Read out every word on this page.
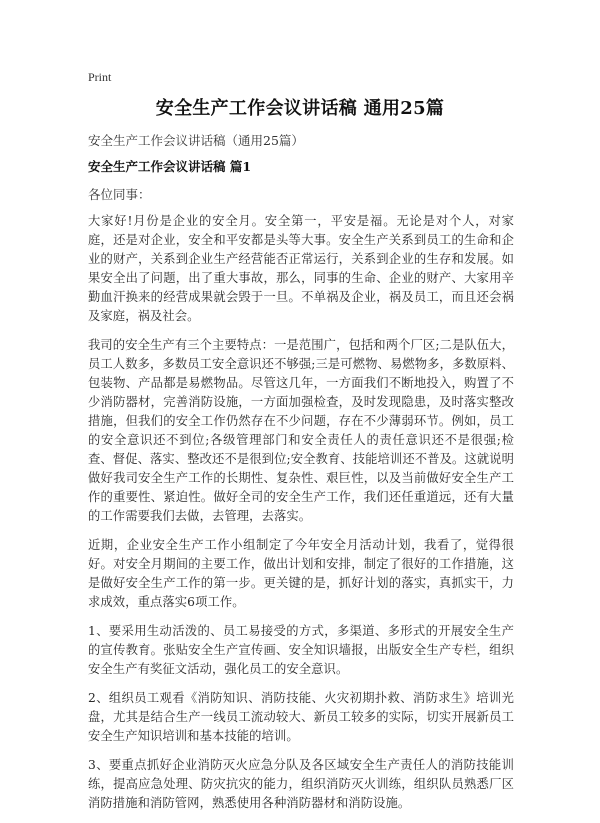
Print
安全生产工作会议讲话稿 通用25篇
安全生产工作会议讲话稿（通用25篇）
安全生产工作会议讲话稿 篇1
各位同事：

大家好!月份是企业的安全月。安全第一，平安是福。无论是对个人，对家庭，还是对企业，安全和平安都是头等大事。安全生产关系到员工的生命和企业的财产，关系到企业生产经营能否正常运行，关系到企业的生存和发展。如果安全出了问题，出了重大事故，那么，同事的生命、企业的财产、大家用辛勤血汗换来的经营成果就会毁于一旦。不单祸及企业，祸及员工，而且还会祸及家庭，祸及社会。

我司的安全生产有三个主要特点：一是范围广，包括和两个厂区;二是队伍大，员工人数多，多数员工安全意识还不够强;三是可燃物、易燃物多，多数原料、包装物、产品都是易燃物品。尽管这几年，一方面我们不断地投入，购置了不少消防器材，完善消防设施，一方面加强检查，及时发现隐患，及时落实整改措施，但我们的安全工作仍然存在不少问题，存在不少薄弱环节。例如，员工的安全意识还不到位;各级管理部门和安全责任人的责任意识还不是很强;检查、督促、落实、整改还不是很到位;安全教育、技能培训还不普及。这就说明做好我司安全生产工作的长期性、复杂性、艰巨性，以及当前做好安全生产工作的重要性、紧迫性。做好全司的安全生产工作，我们还任重道远，还有大量的工作需要我们去做，去管理，去落实。

近期，企业安全生产工作小组制定了今年安全月活动计划，我看了，觉得很好。对安全月期间的主要工作，做出计划和安排，制定了很好的工作措施，这是做好安全生产工作的第一步。更关键的是，抓好计划的落实，真抓实干，力求成效，重点落实6项工作。

1、要采用生动活泼的、员工易接受的方式，多渠道、多形式的开展安全生产的宣传教育。张贴安全生产宣传画、安全知识墙报，出版安全生产专栏，组织安全生产有奖征文活动，强化员工的安全意识。

2、组织员工观看《消防知识、消防技能、火灾初期扑救、消防求生》培训光盘，尤其是结合生产一线员工流动较大、新员工较多的实际，切实开展新员工安全生产知识培训和基本技能的培训。

3、要重点抓好企业消防灭火应急分队及各区域安全生产责任人的消防技能训练，提高应急处理、防灾抗灾的能力，组织消防灭火训练，组织队员熟悉厂区消防措施和消防管网，熟悉使用各种消防器材和消防设施。
